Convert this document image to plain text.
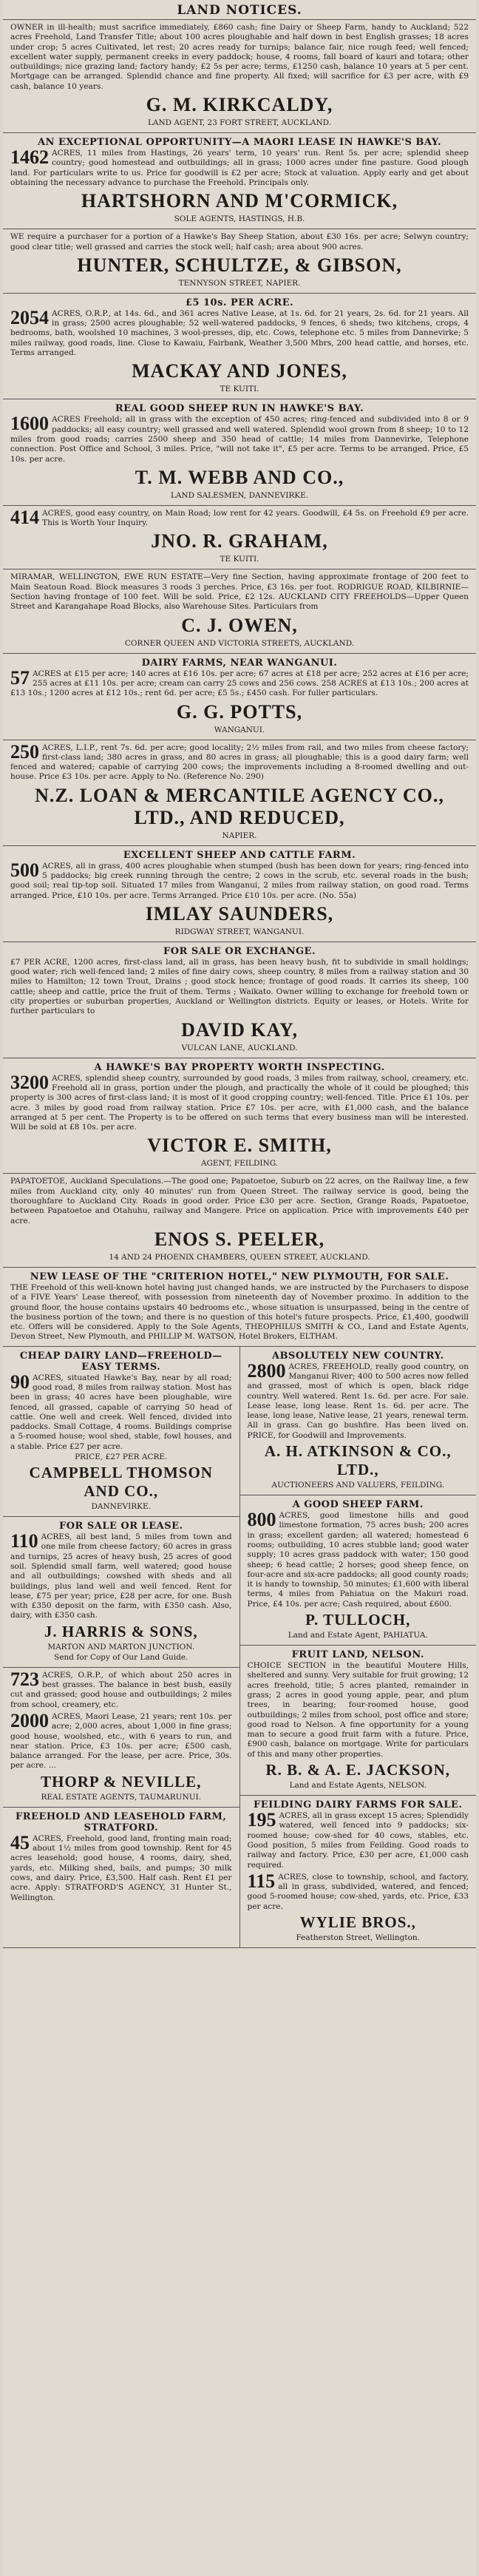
LAND NOTICES.

OWNER in ill-health; must sacrifice immediately, £860 cash; fine Dairy or Sheep Farm, handy to Auckland; 522 acres Freehold, Land Transfer Title; about 100 acres ploughable and half down in best English grasses; 18 acres under crop; 5 acres Cultivated, let rest; 20 acres ready for turnips; balance fair, nice rough feed; well fenced; excellent water supply, permanent creeks in every paddock; house, 4 rooms, fall board of kauri and totara; other outbuildings; nice grazing land; factory handy; £2 5s per acre; terms, £1250 cash, balance 10 years at 5 per cent. Mortgage can be arranged. Splendid chance and fine property. All fixed; will sacrifice for £3 per acre, with £9 cash, balance 10 years.

G. M. KIRKCALDY,
LAND AGENT, 23 FORT STREET, AUCKLAND.
AN EXCEPTIONAL OPPORTUNITY—A MAORI LEASE IN HAWKE'S BAY.

1462 ACRES, 11 miles from Hastings, 26 years' term, 10 years' run. Rent 5s. per acre; splendid sheep country; good homestead and outbuildings; all in grass; 1000 acres under fine pasture. Good plough land. For particulars write to us. Price for goodwill is £2 per acre; Stock at valuation. Apply early and get about obtaining the necessary advance to purchase the Freehold. Principals only.

HARTSHORN AND M'CORMICK,
SOLE AGENTS, HASTINGS, H.B.

WE require a purchaser for a portion of a Hawke's Bay Sheep Station, about £30 16s. per acre; Selwyn country; good clear title; well grassed and carries the stock well; half cash; area about 900 acres.

HUNTER, SCHULTZE, & GIBSON,
TENNYSON STREET, NAPIER.
£5 10s. PER ACRE.

2054 ACRES, O.R.P., at 14s. 6d., and 361 acres Native Lease, at 1s. 6d. for 21 years, 2s. 6d. for 21 years. All in grass; 2500 acres ploughable; 52 well-watered paddocks, 9 fences, 6 sheds; two kitchens, crops, 4 bedrooms, bath, woolshed 10 machines, 3 wool-presses, dip, etc. Cows, telephone etc. 5 miles from Dannevirke; 5 miles railway, good roads, line. Close to Kawaiu, Fairbank, Weather 3,500 Mbrs, 200 head cattle, and horses, etc. Terms arranged.

MACKAY AND JONES,
TE KUITI.
REAL GOOD SHEEP RUN IN HAWKE'S BAY.

1600 ACRES Freehold; all in grass with the exception of 450 acres; ring-fenced and subdivided into 8 or 9 paddocks; all easy country; well grassed and well watered. Splendid wool grown from 8 sheep; 10 to 12 miles from good roads; carries 2500 sheep and 350 head of cattle; 14 miles from Dannevirke, Telephone connection. Post Office and School, 3 miles. Price, "will not take it", £5 per acre. Terms to be arranged. Price, £5 10s. per acre.

T. M. WEBB AND CO.,
LAND SALESMEN, DANNEVIRKE.

414 ACRES, good easy country, on Main Road; low rent for 42 years. Goodwill, £4 5s. on Freehold £9 per acre. This is Worth Your Inquiry.

JNO. R. GRAHAM,
TE KUITI.

MIRAMAR, WELLINGTON, EWE RUN ESTATE—Very fine Section, having approximate frontage of 200 feet to Main Seatoun Road. Block measures 3 roods 3 perches. Price, £3 16s. per foot. RODRIGUE ROAD, KILBIRNIE—Section having frontage of 100 feet. Will be sold. Price, £2 12s. AUCKLAND CITY FREEHOLDS—Upper Queen Street and Karangahape Road Blocks, also Warehouse Sites. Particulars from

C. J. OWEN,
CORNER QUEEN AND VICTORIA STREETS, AUCKLAND.
DAIRY FARMS, NEAR WANGANUI.

57 ACRES at £15 per acre; 140 acres at £16 10s. per acre; 67 acres at £18 per acre; 252 acres at £16 per acre; 255 acres at £11 10s. per acre; cream can carry 25 cows and 256 cows. 258 ACRES at £13 10s.; 200 acres at £13 10s.; 1200 acres at £12 10s.; rent 6d. per acre; £5 5s.; £450 cash. For fuller particulars.

G. G. POTTS,
WANGANUI.

250 ACRES, L.I.P., rent 7s. 6d. per acre; good locality; 2½ miles from rail, and two miles from cheese factory; first-class land; 380 acres in grass, and 80 acres in grass; all ploughable; this is a good dairy farm; well fenced and watered; capable of carrying 200 cows; the improvements including a 8-roomed dwelling and out-house. Price £3 10s. per acre. Apply to No. (Reference No. 290)

N.Z. LOAN & MERCANTILE AGENCY CO., LTD., AND REDUCED,
NAPIER.
EXCELLENT SHEEP AND CATTLE FARM.

500 ACRES, all in grass, 400 acres ploughable when stumped (bush has been down for years; ring-fenced into 5 paddocks; big creek running through the centre; 2 cows in the scrub, etc. several roads in the bush; good soil; real tip-top soil. Situated 17 miles from Wanganui, 2 miles from railway station, on good road. Terms arranged. Price, £10 10s. per acre. Terms Arranged. Price £10 10s. per acre. (No. 55a)

IMLAY SAUNDERS,
RIDGWAY STREET, WANGANUI.
FOR SALE OR EXCHANGE.

£7 PER ACRE, 1200 acres, first-class land, all in grass, has been heavy bush, fit to subdivide in small holdings; good water; rich well-fenced land; 2 miles of fine dairy cows, sheep country, 8 miles from a railway station and 30 miles to Hamilton; 12 town Trout, Drains ; good stock hence; frontage of good roads. It carries its sheep, 100 cattle; sheep and cattle, price the fruit of them. Terms ; Waikato. Owner willing to exchange for freehold town or city properties or suburban properties, Auckland or Wellington districts. Equity or leases, or Hotels. Write for further particulars to

DAVID KAY,
VULCAN LANE, AUCKLAND.
A HAWKE'S BAY PROPERTY WORTH INSPECTING.

3200 ACRES, splendid sheep country, surrounded by good roads, 3 miles from railway, school, creamery, etc. Freehold all in grass, portion under the plough, and practically the whole of it could be ploughed; this property is 300 acres of first-class land; it is most of it good cropping country; well-fenced. Title. Price £1 10s. per acre. 3 miles by good road from railway station. Price £7 10s. per acre, with £1,000 cash, and the balance arranged at 5 per cent. The Property is to be offered on such terms that every business man will be interested. Will be sold at £8 10s. per acre.

VICTOR E. SMITH,
AGENT, FEILDING.

PAPATOETOE, Auckland Speculations.—The good one; Papatoetoe, Suburb on 22 acres, on the Railway line, a few miles from Auckland city, only 40 minutes' run from Queen Street. The railway service is good, being the thoroughfare to Auckland City. Roads in good order. Price £30 per acre. Section, Grange Roads, Papatoetoe, between Papatoetoe and Otahuhu, railway and Mangere. Price on application. Price with improvements £40 per acre.

ENOS S. PEELER,
14 AND 24 PHOENIX CHAMBERS, QUEEN STREET, AUCKLAND.
NEW LEASE OF THE "CRITERION HOTEL," NEW PLYMOUTH, FOR SALE.

THE Freehold of this well-known hotel having just changed hands, we are instructed by the Purchasers to dispose of a FIVE Years' Lease thereof, with possession from nineteenth day of November proximo. In addition to the ground floor, the house contains upstairs 40 bedrooms etc., whose situation is unsurpassed, being in the centre of the business portion of the town; and there is no question of this hotel's future prospects. Price, £1,400, goodwill etc. Offers will be considered. Apply to the Sole Agents, THEOPHILUS SMITH & CO., Land and Estate Agents, Devon Street, New Plymouth, and PHILLIP M. WATSON, Hotel Brokers, ELTHAM.

CHEAP DAIRY LAND—FREEHOLD—EASY TERMS.

90 ACRES, situated Hawke's Bay, near by all road; good road, 8 miles from railway station. Most has been in grass; 40 acres have been ploughable, wire fenced, all grassed, capable of carrying 50 head of cattle. One well and creek. Well fenced, divided into paddocks. Small Cottage, 4 rooms. Buildings comprise a 5-roomed house; wool shed, stable, fowl houses, and a stable. Price £27 per acre.

PRICE, £27 PER ACRE.
CAMPBELL THOMSON AND CO.,
DANNEVIRKE.
FOR SALE OR LEASE.

110 ACRES, all best land, 5 miles from town and one mile from cheese factory; 60 acres in grass and turnips, 25 acres of heavy bush, 25 acres of good soil. Splendid small farm, well watered; good house and all outbuildings; cowshed with sheds and all buildings, plus land well and well fenced. Rent for lease, £75 per year; price, £28 per acre, for one. Bush with £350 deposit on the farm, with £350 cash. Also, dairy, with £350 cash.

J. HARRIS & SONS,
MARTON AND MARTON JUNCTION.
Send for Copy of Our Land Guide.

723 ACRES, O.R.P., of which about 250 acres in best grasses. The balance in best bush, easily cut and grassed; good house and outbuildings; 2 miles from school, creamery, etc.

2000 ACRES, Maori Lease, 21 years; rent 10s. per acre; 2,000 acres, about 1,000 in fine grass; good house, woolshed, etc., with 6 years to run, and near station. Price, £3 10s. per acre; £500 cash, balance arranged. For the lease, per acre. Price, 30s. per acre. ...

THORP & NEVILLE,
REAL ESTATE AGENTS, TAUMARUNUI.
FREEHOLD AND LEASEHOLD FARM, STRATFORD.

45 ACRES, Freehold, good land, fronting main road; about 1½ miles from good township. Rent for 45 acres leasehold; good house, 4 rooms, dairy, shed, yards, etc. Milking shed, bails, and pumps; 30 milk cows, and dairy. Price, £3,500. Half cash. Rent £1 per acre. Apply: STRATFORD'S AGENCY, 31 Hunter St., Wellington.

ABSOLUTELY NEW COUNTRY.

2800 ACRES, FREEHOLD, really good country, on Manganui River; 400 to 500 acres now felled and grassed, most of which is open, black ridge country. Well watered. Rent 1s. 6d. per acre. For sale. Lease lease, long lease. Rent 1s. 6d. per acre. The lease, long lease, Native lease, 21 years, renewal term. All in grass. Can go bushfire. Has been lived on. PRICE, for Goodwill and Improvements.

A. H. ATKINSON & CO., LTD.,
AUCTIONEERS AND VALUERS, FEILDING.
A GOOD SHEEP FARM.

800 ACRES, good limestone hills and good limestone formation, 75 acres bush; 200 acres in grass; excellent garden; all watered; homestead 6 rooms; outbuilding, 10 acres stubble land; good water supply; 10 acres grass paddock with water; 150 good sheep; 6 head cattle; 2 horses; good sheep fence, on four-acre and six-acre paddocks; all good county roads; it is handy to township, 50 minutes; £1,600 with liberal terms, 4 miles from Pahiatua on the Makuri road. Price, £4 10s. per acre; Cash required, about £600.

P. TULLOCH,
Land and Estate Agent, PAHIATUA.
FRUIT LAND, NELSON.

CHOICE SECTION in the beautiful Moutere Hills, sheltered and sunny. Very suitable for fruit growing; 12 acres freehold, title; 5 acres planted, remainder in grass; 2 acres in good young apple, pear, and plum trees, in bearing; four-roomed house, good outbuildings; 2 miles from school, post office and store; good road to Nelson. A fine opportunity for a young man to secure a good fruit farm with a future. Price, £900 cash, balance on mortgage. Write for particulars of this and many other properties.

R. B. & A. E. JACKSON,
Land and Estate Agents, NELSON.
FEILDING DAIRY FARMS FOR SALE.

195 ACRES, all in grass except 15 acres; Splendidly watered, well fenced into 9 paddocks; six-roomed house; cow-shed for 40 cows, stables, etc. Good position, 5 miles from Feilding. Good roads to railway and factory. Price, £30 per acre, £1,000 cash required.

115 ACRES, close to township, school, and factory, all in grass, subdivided, watered, and fenced; good 5-roomed house; cow-shed, yards, etc. Price, £33 per acre.

WYLIE BROS.,
Featherston Street, Wellington.
